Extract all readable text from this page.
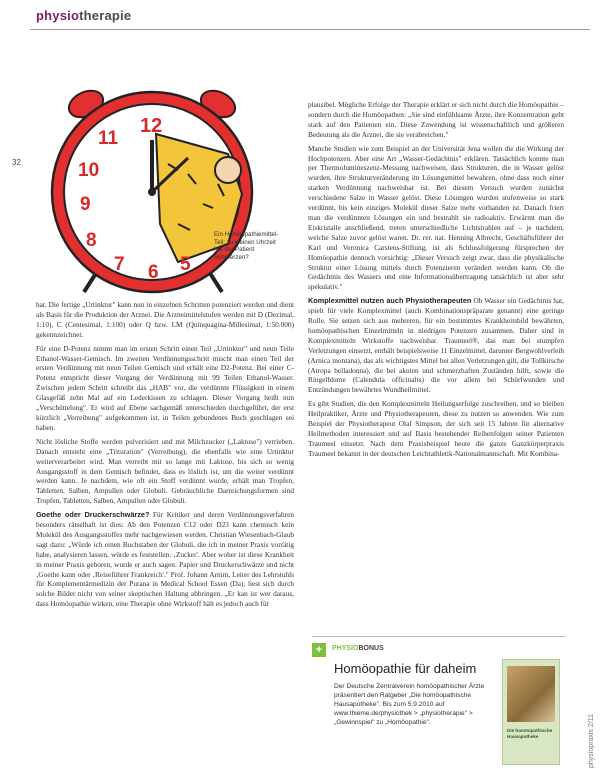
physiotherapie
32
physiopraxis 2/11
12
11
10
9
8
7 6 5
Ein Homöopathiemittel-Teil: zu kleinen Uhrzeit hat der Patient Schmerzen?

hat. Die fertige „Urtinktur" kann nun in einzelnen Schritten potenziert werden und dient als Basis für die Produktion der Arznei. Die Arzneimittelstufen werden mit D (Dezimal, 1:10), C (Centesimal, 1:100) oder Q bzw. LM (Quinquagina-Millesimal, 1:50.000) gekennzeichnet.

Für eine D-Potenz nimmt man im ersten Schritt einen Teil „Urtinktur" und neun Teile Ethanol-Wasser-Gemisch. Im zweiten Verdünnungsschritt mischt man einen Teil der ersten Verdünnung mit neun Teilen Gemisch und erhält eine D2-Potenz. Bei einer C-Potenz entspricht dieser Vorgang der Verdünnung mit 99 Teilen Ethanol-Wasser. Zwischen jedem Schritt schreibt das „HAB" vor, die verdünnte Flüssigkeit in einem Glasgefäß zehn Mal auf ein Lederkissen zu schlagen. Dieser Vorgang heißt nun „Verschüttelung". Er wird auf Ebene sachgemäß unterschieden durchgeführt, der erst kürzlich „Verreibung" aufgekommen ist, in Teilen gebundenes Buch geschlagen sei haben.

Nicht lösliche Stoffe werden pulverisiert und mit Milchzucker („Laktose") verrieben. Danach entsteht eine „Trituration" (Verreibung), die ebenfalls wie eine Urtinktur weiterverarbeitet wird. Man verreibt mit so lange mit Laktose, bis sich so wenig Ausgangsstoff in dem Gemisch befindet, dass es löslich ist, um die weiter verdünnt werden kann. Je nachdem, wie oft ein Stoff verdünnt wurde, erhält man Tropfen, Tabletten, Salben, Ampullen oder Globuli. Gebräuchliche Darreichungsformen sind Tropfen, Tabletten, Salben, Ampullen oder Globuli.

Goethe oder Druckerschwärze? Für Kritiker und deren Verdünnungsverfahren besonders rätselhaft ist dies: Ab den Potenzen C12 oder D23 kann chemisch kein Molekül des Ausgangsstoffes mehr nachgewiesen werden. Christian Wiesenbach-Glaub sagt dazu: „Würde ich einen Buchstaben der Globuli, die ich in meiner Praxis vorrätig habe, analysieren lassen, würde es feststellen: ‚Zucker'. Aber woher ist diese Krankheit in meiner Praxis geboren, wurde er auch sagen: Papier und Druckerschwärze und nicht ‚Goethe kann oder ‚Reiseführer Frankreich'." Prof. Johann Arnim, Leiter des Lehrstuhls für Komplementärmedizin der Purana in Medical School Essen (Da), liest sich durch solche Bilder nicht von seiner skeptischen Haltung abbringen. „Er kan ist wer daraus, dass Homöopathie wirken, eine Therapie ohne Wirkstoff hält es jedoch auch für

plausibel. Mögliche Erfolge der Therapie erklärt er sich nicht durch die Homöopathie – sondern durch die Homöopathen: „Sie sind einfühlsame Ärzte, ihre Konzentration geht stark auf den Patienten ein. Diese Zuwendung ist wissenschaftlich und größeren Bedeutung als die Arznei, die sie verabreichen."

Manche Studien wie zum Beispiel an der Universität Jena wollen die die Wirkung der Hochpotenzen. Aber eine Art „Wasser-Gedächtnis" erklären. Tatsächlich konnte man per Thermolumineszenz-Messung nachweisen, dass Strukturen, die in Wasser gelöst wurden, ihre Strukturveränderung im Lösungsmittel bewahren, ohne dass noch einer starken Verdünnung nachweisbar ist. Bei diesem Versuch wurden zunächst verschiedene Salze in Wasser gelöst. Diese Lösungen wurden stufenweise so stark verdünnt, bis kein einziges Molekül dieser Salze mehr vorhanden ist. Danach friert man die verdünnten Lösungen ein und bestrahlt sie radioaktiv. Erwärmt man die Eiskristalle anschließend, treten unterschiedliche Lichtstrahlen auf – je nachdem, welche Salze zuvor gelöst waren. Dr. rer. nat. Henning Albrecht, Geschäftsführer der Karl und Veronica Carstens-Stiftung, ist als Schlussfolgerung fürsprechen der Homöopathie dennoch vorsichtig: „Dieser Versuch zeigt zwar, dass die physikalische Struktur einer Lösung mittels durch Potenzieren verändert werden kann. Ob die Gedächtnis des Wassers und eine Informationsübertragung tatsächlich ist aber sehr spekulativ."

Komplexmittel nutzen auch Physiotherapeuten Ob Wasser ein Gedächtnis hat, spielt für viele Komplexmittel (auch Kombinationspräparate genannt) eine geringe Rolle. Sie setzen sich aus mehreren, für ein bestimmtes Krankheitsbild bewährten, homöopathischen Einzelmitteln in niedrigen Potenzen zusammen. Daher sind in Komplexmitteln Wirkstoffe nachweisbar. Traumeel®, das man bei stumpfen Verletzungen einsetzt, enthält beispielsweise 11 Einzelmittel, darunter Bergwohlverleih (Arnica montana), das als wichtigstes Mittel bei allen Verletzungen gilt, die Tollkirsche (Atropa belladonna), die bei akuten und schmerzhaften Zuständen hilft, sowie die Ringelblume (Calendula officinalis) die vor allem bei Schürfwunden und Entzündungen bewährtes Wundheilmittel.

Es gibt Studien, die den Komplexmitteln Heilungserfolge zuschreiben, und so bleiben Heilpraktiker, Ärzte und Physiotherapeuten, diese zu nutzen so anwenden. Wie zum Beispiel der Physiotherapeut Olaf Simpson, der sich seit 15 Jahren für alternative Heilmethoden interessiert und auf Basis bestehender Reihenfolgen seiner Patienten Traumeel einsetzt. Nach dem Praxisbeispiel heute die ganze Ganzkörperpraxis Traumeel bekannt in der deutschen Leichtathletik-Nationalmannschaft. Mit Kombina-

+	PHYSIOBONUS
Homöopathie für daheim
Der Deutsche Zentralverein homöopathischer Ärzte präsentiert den Ratgeber „Die homöopathische Hausapotheke". Bis zum 5.9.2010 auf www.thieme.de/physiothek > „physiotherapie" > „Gewinnspiel" zu „Homöopathie".
Die homöopathische Hausapotheke
